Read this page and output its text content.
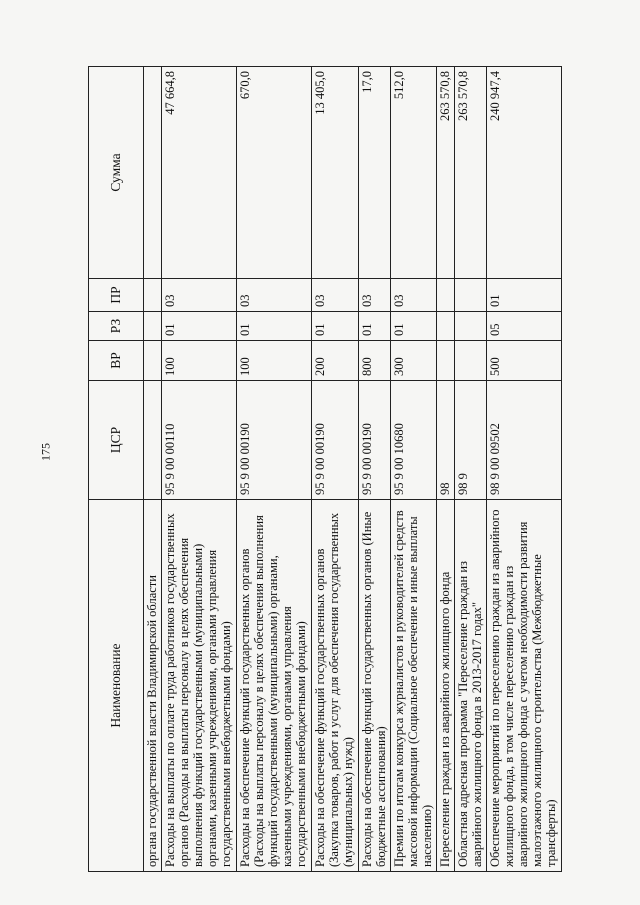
175
Наименование	ЦСР	ВР	РЗ	ПР	Сумма
органа государственной власти Владимирской области					
Расходы на выплаты по оплате труда работников государственных органов (Расходы на выплаты персоналу в целях обеспечения выполнения функций государственными (муниципальными) органами, казенными учреждениями, органами управления государственными внебюджетными фондами)	95 9 00 00110	100	01	03	47 664,8
Расходы на обеспечение функций государственных органов (Расходы на выплаты персоналу в целях обеспечения выполнения функций государственными (муниципальными) органами, казенными учреждениями, органами управления государственными внебюджетными фондами)	95 9 00 00190	100	01	03	670,0
Расходы на обеспечение функций государственных органов (Закупка товаров, работ и услуг для обеспечения государственных (муниципальных) нужд)	95 9 00 00190	200	01	03	13 405,0
Расходы на обеспечение функций государственных органов (Иные бюджетные ассигнования)	95 9 00 00190	800	01	03	17,0
Премии по итогам конкурса журналистов и руководителей средств массовой информации (Социальное обеспечение и иные выплаты населению)	95 9 00 10680	300	01	03	512,0
Переселение граждан из аварийного жилищного фонда	98				263 570,8
Областная адресная программа "Переселение граждан из аварийного жилищного фонда в 2013-2017 годах"	98 9				263 570,8
Обеспечение мероприятий по переселению граждан из аварийного жилищного фонда, в том числе переселению граждан из аварийного жилищного фонда с учетом необходимости развития малоэтажного жилищного строительства (Межбюджетные трансферты)	98 9 00 09502	500	05	01	240 947,4
